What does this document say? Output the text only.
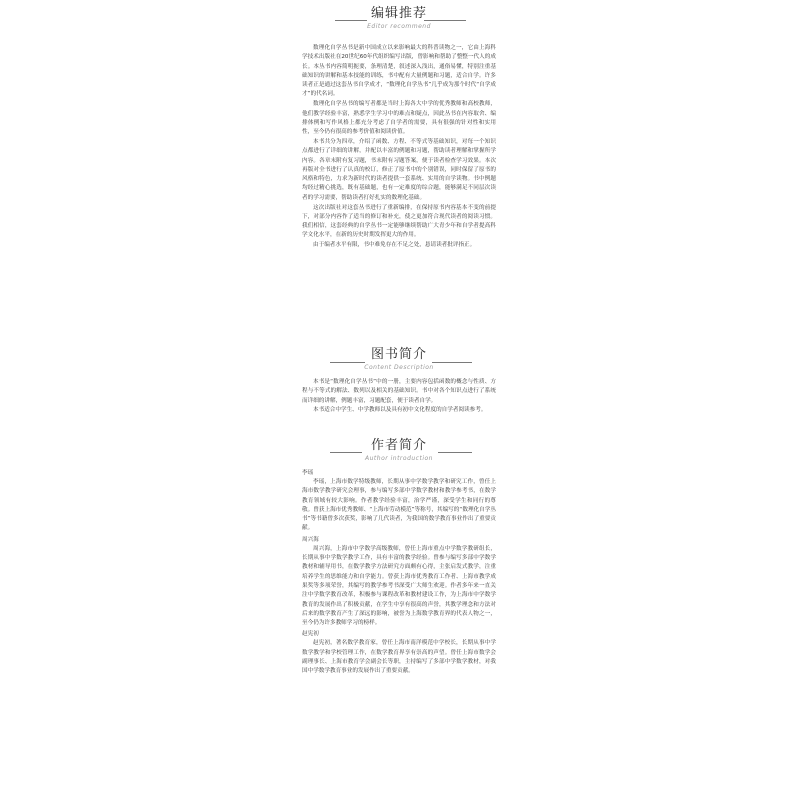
编辑推荐
Editor recommend

数理化自学丛书是新中国成立以来影响最大的科普读物之一，它由上海科学技术出版社在20世纪60年代组织编写出版，曾影响和帮助了整整一代人的成长。本丛书内容简明扼要，条理清楚，叙述深入浅出，通俗易懂，特别注重基础知识的讲解和基本技能的训练，书中配有大量例题和习题，适合自学。许多读者正是通过这套丛书自学成才，“数理化自学丛书”几乎成为那个时代“自学成才”的代名词。

数理化自学丛书的编写者都是当时上海各大中学的优秀教师和高校教师，他们教学经验丰富，熟悉学生学习中的难点和疑点，因此丛书在内容取舍、编排体例和写作风格上都充分考虑了自学者的需要，具有很强的针对性和实用性，至今仍有很高的参考价值和阅读价值。

本书共分为四章，介绍了函数、方程、不等式等基础知识，对每一个知识点都进行了详细的讲解，并配以丰富的例题和习题，帮助读者理解和掌握所学内容。各章末附有复习题，书末附有习题答案，便于读者检查学习效果。本次再版对全书进行了认真的校订，修正了原书中的个别错误，同时保留了原书的风格和特色，力求为新时代的读者提供一套系统、实用的自学读物。书中例题均经过精心挑选，既有基础题，也有一定难度的综合题，能够满足不同层次读者的学习需要，帮助读者打好扎实的数理化基础。

这次出版社对这套丛书进行了重新编排，在保持原书内容基本不变的前提下，对部分内容作了适当的修订和补充，使之更加符合现代读者的阅读习惯。我们相信，这套经典的自学丛书一定能够继续帮助广大青少年和自学者提高科学文化水平，在新的历史时期发挥更大的作用。

由于编者水平有限，书中难免存在不足之处，恳请读者批评指正。

图书简介
Content Description

本书是“数理化自学丛书”中的一册，主要内容包括函数的概念与性质、方程与不等式的解法、数列以及相关的基础知识。书中对各个知识点进行了系统而详细的讲解，例题丰富，习题配套，便于读者自学。

本书适合中学生、中学教师以及具有初中文化程度的自学者阅读参考。

作者简介
Author introduction
李瑶

李瑶，上海市数学特级教师，长期从事中学数学教学和研究工作，曾任上海市数学教学研究会理事，参与编写多部中学数学教材和教学参考书，在数学教育领域有较大影响。作者教学经验丰富，治学严谨，深受学生和同行的尊敬。曾获上海市优秀教师、“上海市劳动模范”等称号，其编写的“数理化自学丛书”等书籍曾多次获奖，影响了几代读者，为我国的数学教育事业作出了重要贡献。

周兴海

周兴海，上海市中学数学高级教师，曾任上海市重点中学数学教研组长，长期从事中学数学教学工作，具有丰富的教学经验。曾参与编写多部中学数学教材和辅导用书，在数学教学方法研究方面颇有心得，主张启发式教学，注重培养学生的思维能力和自学能力。曾获上海市优秀教育工作者、上海市教学成果奖等多项荣誉，其编写的教学参考书深受广大师生欢迎。作者多年来一直关注中学数学教育改革，积极参与课程改革和教材建设工作，为上海市中学数学教育的发展作出了积极贡献，在学生中享有很高的声誉，其教学理念和方法对后来的数学教育产生了深远的影响，被誉为上海数学教育界的代表人物之一，至今仍为许多教师学习的榜样。

赵宪初

赵宪初，著名数学教育家，曾任上海市南洋模范中学校长，长期从事中学数学教学和学校管理工作，在数学教育界享有崇高的声望。曾任上海市数学会副理事长、上海市教育学会副会长等职，主持编写了多部中学数学教材，对我国中学数学教育事业的发展作出了重要贡献。
